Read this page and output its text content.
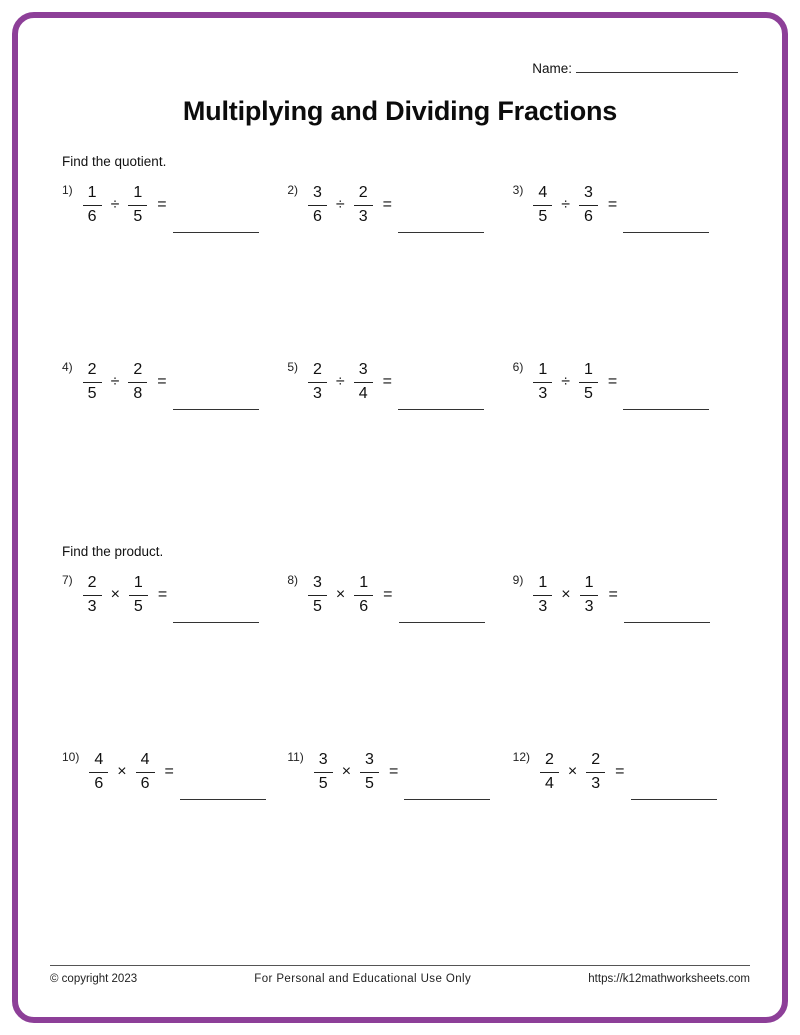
Name:
Multiplying and Dividing Fractions
Find the quotient.
$1) \frac{1}{6} \div \frac{1}{5}$ =
$2) \frac{3}{6} \div \frac{2}{3}$ =
$3) \frac{4}{5} \div \frac{3}{6}$ =
$4) \frac{2}{5} \div \frac{2}{8}$ =
$5) \frac{2}{3} \div \frac{3}{4}$ =
$6) \frac{1}{3} \div \frac{1}{5}$ =
Find the product.
$7) \frac{2}{3} \times \frac{1}{5}$ =
$8) \frac{3}{5} \times \frac{1}{6}$ =
$9) \frac{1}{3} \times \frac{1}{3}$ =
$10) \frac{4}{6} \times \frac{4}{6}$ =
$11) \frac{3}{5} \times \frac{3}{5}$ =
$12) \frac{2}{4} \times \frac{2}{3}$ =
© copyright 2023	For Personal and Educational Use Only	https://k12mathworksheets.com
